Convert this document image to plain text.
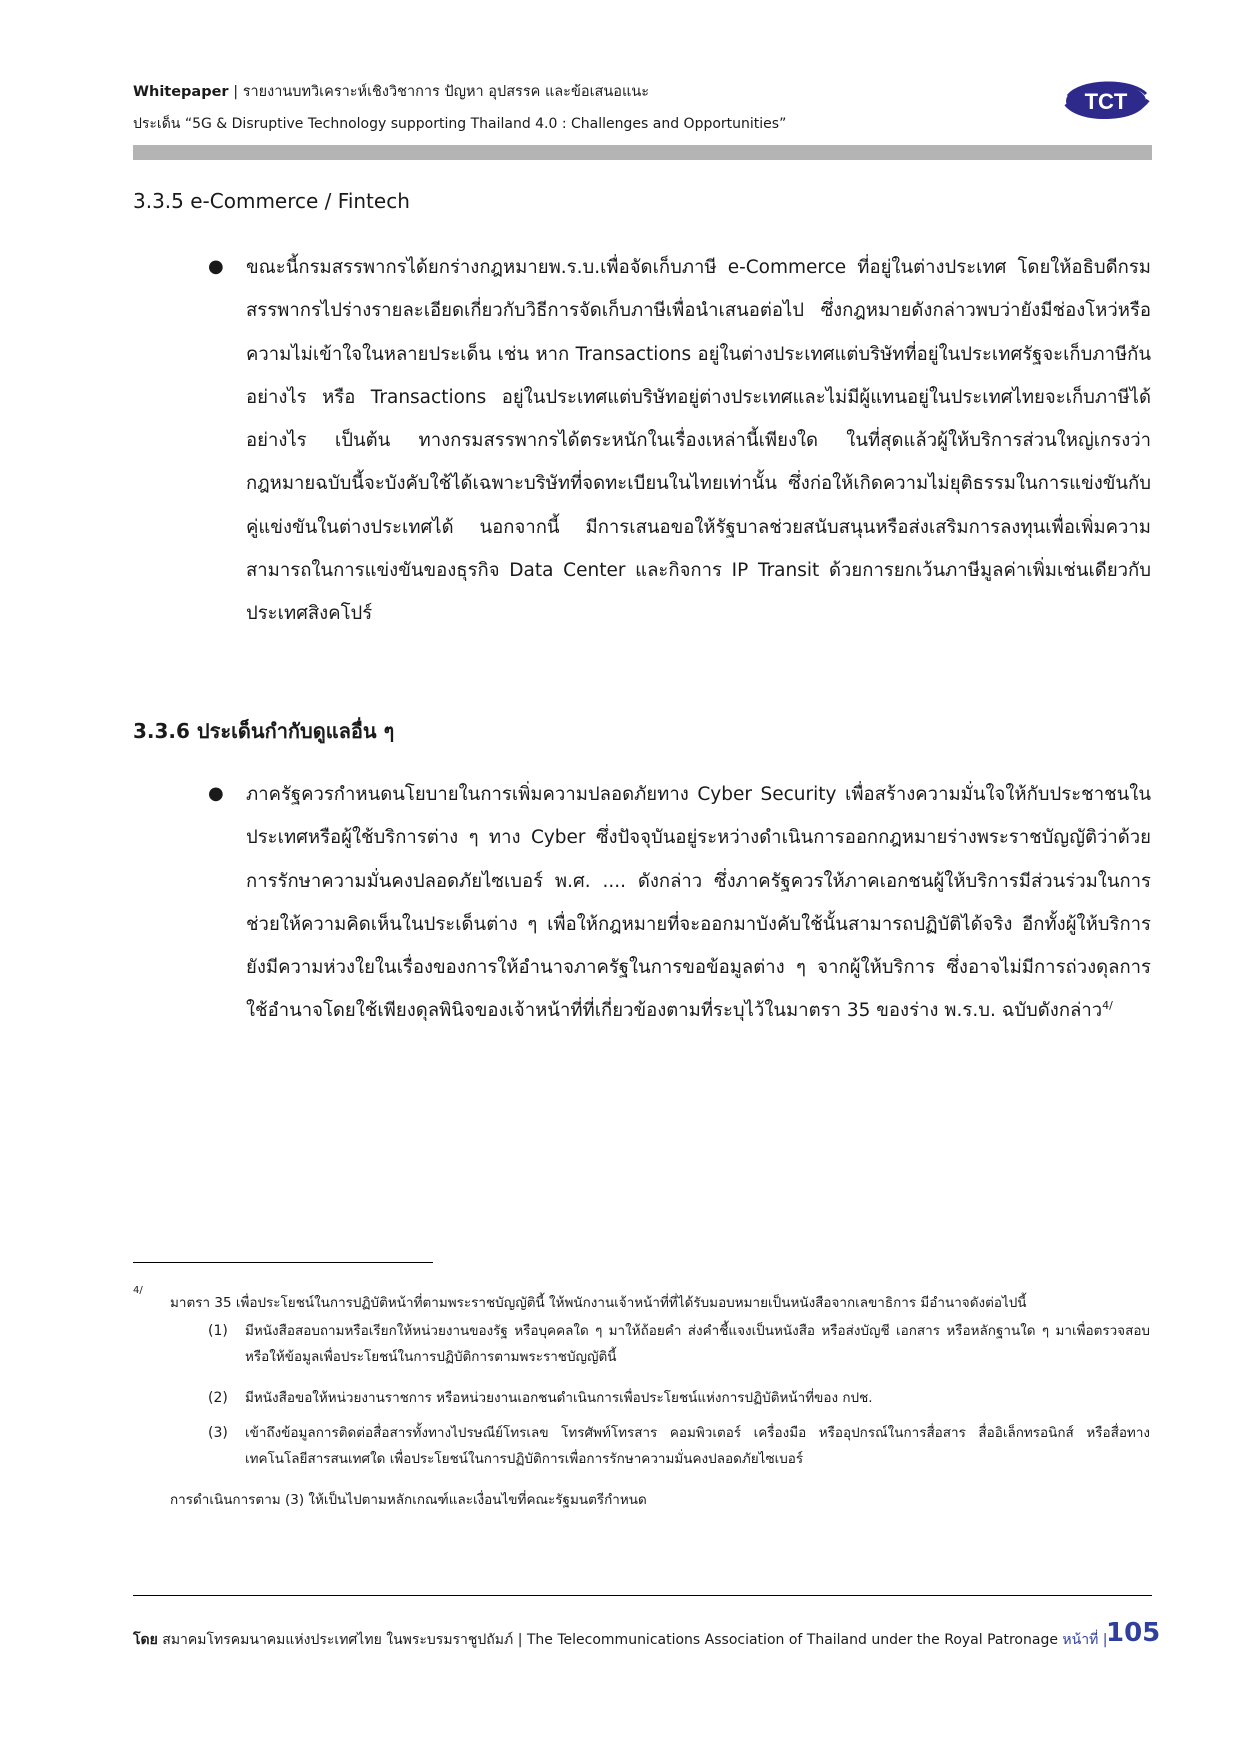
Whitepaper | รายงานบทวิเคราะห์เชิงวิชาการ ปัญหา อุปสรรค และข้อเสนอแนะ
ประเด็น “5G & Disruptive Technology supporting Thailand 4.0 : Challenges and Opportunities”
TCT
3.3.5 e-Commerce / Fintech
● ขณะนี้กรมสรรพากรได้ยกร่างกฎหมายพ.ร.บ.เพื่อจัดเก็บภาษี e-Commerce ที่อยู่ในต่างประเทศ โดยให้อธิบดีกรมสรรพากรไปร่างรายละเอียดเกี่ยวกับวิธีการจัดเก็บภาษีเพื่อนำเสนอต่อไป ซึ่งกฎหมายดังกล่าวพบว่ายังมีช่องโหว่หรือความไม่เข้าใจในหลายประเด็น เช่น หาก Transactions อยู่ในต่างประเทศแต่บริษัทที่อยู่ในประเทศรัฐจะเก็บภาษีกันอย่างไร หรือ Transactions อยู่ในประเทศแต่บริษัทอยู่ต่างประเทศและไม่มีผู้แทนอยู่ในประเทศไทยจะเก็บภาษีได้อย่างไร เป็นต้น ทางกรมสรรพากรได้ตระหนักในเรื่องเหล่านี้เพียงใด ในที่สุดแล้วผู้ให้บริการส่วนใหญ่เกรงว่ากฎหมายฉบับนี้จะบังคับใช้ได้เฉพาะบริษัทที่จดทะเบียนในไทยเท่านั้น ซึ่งก่อให้เกิดความไม่ยุติธรรมในการแข่งขันกับคู่แข่งขันในต่างประเทศได้ นอกจากนี้ มีการเสนอขอให้รัฐบาลช่วยสนับสนุนหรือส่งเสริมการลงทุนเพื่อเพิ่มความสามารถในการแข่งขันของธุรกิจ Data Center และกิจการ IP Transit ด้วยการยกเว้นภาษีมูลค่าเพิ่มเช่นเดียวกับประเทศสิงคโปร์
3.3.6 ประเด็นกำกับดูแลอื่น ๆ
● ภาครัฐควรกำหนดนโยบายในการเพิ่มความปลอดภัยทาง Cyber Security เพื่อสร้างความมั่นใจให้กับประชาชนในประเทศหรือผู้ใช้บริการต่าง ๆ ทาง Cyber ซึ่งปัจจุบันอยู่ระหว่างดำเนินการออกกฎหมายร่างพระราชบัญญัติว่าด้วยการรักษาความมั่นคงปลอดภัยไซเบอร์ พ.ศ. .... ดังกล่าว ซึ่งภาครัฐควรให้ภาคเอกชนผู้ให้บริการมีส่วนร่วมในการช่วยให้ความคิดเห็นในประเด็นต่าง ๆ เพื่อให้กฎหมายที่จะออกมาบังคับใช้นั้นสามารถปฏิบัติได้จริง อีกทั้งผู้ให้บริการยังมีความห่วงใยในเรื่องของการให้อำนาจภาครัฐในการขอข้อมูลต่าง ๆ จากผู้ให้บริการ ซึ่งอาจไม่มีการถ่วงดุลการใช้อำนาจโดยใช้เพียงดุลพินิจของเจ้าหน้าที่ที่เกี่ยวข้องตามที่ระบุไว้ในมาตรา 35 ของร่าง พ.ร.บ. ฉบับดังกล่าว$^{4/}$
4/
มาตรา 35 เพื่อประโยชน์ในการปฏิบัติหน้าที่ตามพระราชบัญญัตินี้ ให้พนักงานเจ้าหน้าที่ที่ได้รับมอบหมายเป็นหนังสือจากเลขาธิการ มีอำนาจดังต่อไปนี้
(1) มีหนังสือสอบถามหรือเรียกให้หน่วยงานของรัฐ หรือบุคคลใด ๆ มาให้ถ้อยคำ ส่งคำชี้แจงเป็นหนังสือ หรือส่งบัญชี เอกสาร หรือหลักฐานใด ๆ มาเพื่อตรวจสอบหรือให้ข้อมูลเพื่อประโยชน์ในการปฏิบัติการตามพระราชบัญญัตินี้
(2) มีหนังสือขอให้หน่วยงานราชการ หรือหน่วยงานเอกชนดำเนินการเพื่อประโยชน์แห่งการปฏิบัติหน้าที่ของ กปช.
(3) เข้าถึงข้อมูลการติดต่อสื่อสารทั้งทางไปรษณีย์โทรเลข โทรศัพท์โทรสาร คอมพิวเตอร์ เครื่องมือ หรืออุปกรณ์ในการสื่อสาร สื่ออิเล็กทรอนิกส์ หรือสื่อทางเทคโนโลยีสารสนเทศใด เพื่อประโยชน์ในการปฏิบัติการเพื่อการรักษาความมั่นคงปลอดภัยไซเบอร์
การดำเนินการตาม (3) ให้เป็นไปตามหลักเกณฑ์และเงื่อนไขที่คณะรัฐมนตรีกำหนด
โดย สมาคมโทรคมนาคมแห่งประเทศไทย ในพระบรมราชูปถัมภ์ | The Telecommunications Association of Thailand under the Royal Patronage หน้าที่ |
105
